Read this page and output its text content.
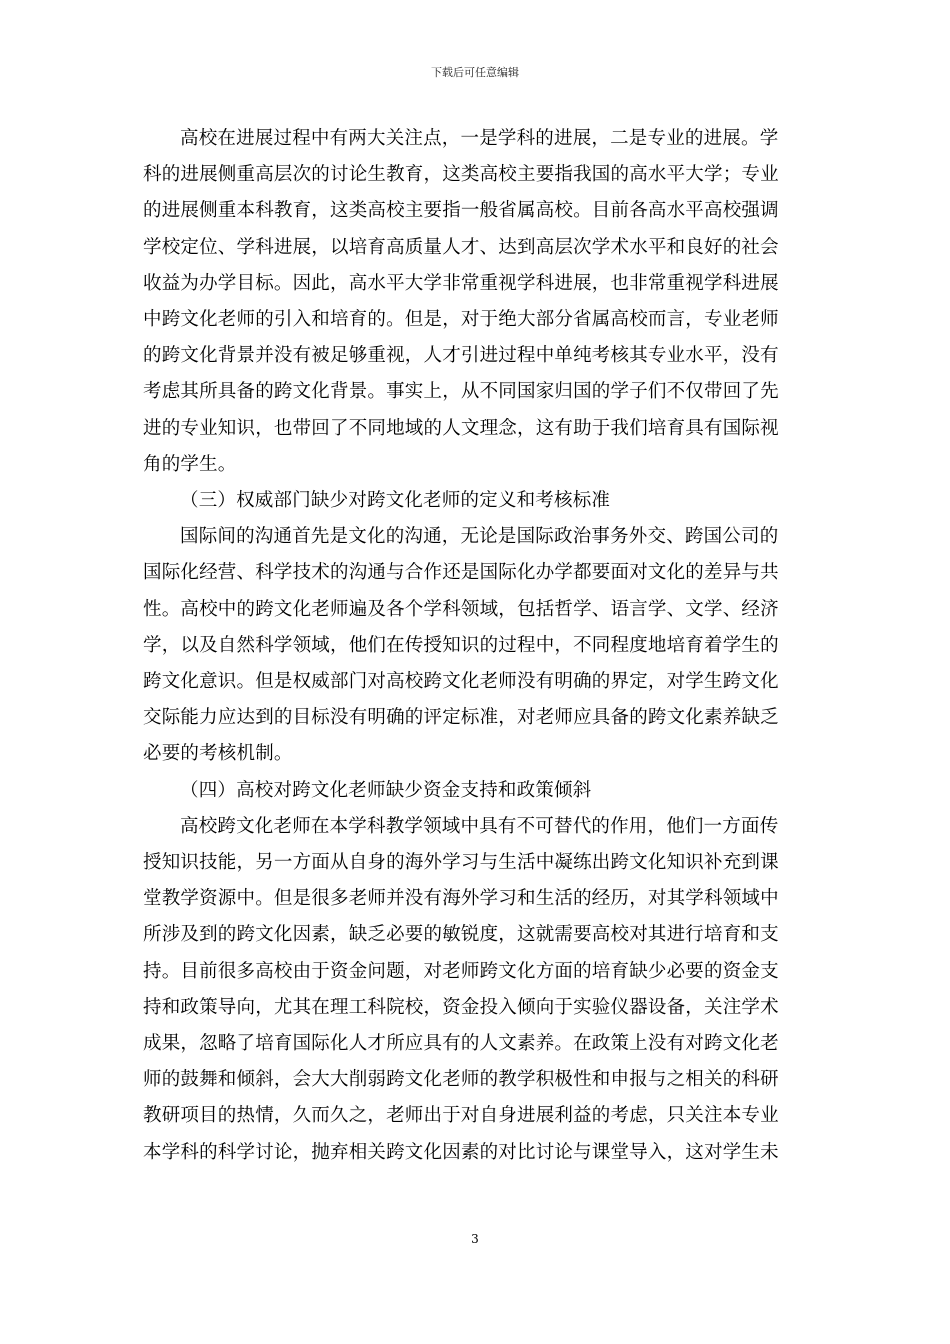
下载后可任意编辑

高校在进展过程中有两大关注点，一是学科的进展，二是专业的进展。学
科的进展侧重高层次的讨论生教育，这类高校主要指我国的高水平大学；专业
的进展侧重本科教育，这类高校主要指一般省属高校。目前各高水平高校强调
学校定位、学科进展，以培育高质量人才、达到高层次学术水平和良好的社会
收益为办学目标。因此，高水平大学非常重视学科进展，也非常重视学科进展
中跨文化老师的引入和培育的。但是，对于绝大部分省属高校而言，专业老师
的跨文化背景并没有被足够重视，人才引进过程中单纯考核其专业水平，没有
考虑其所具备的跨文化背景。事实上，从不同国家归国的学子们不仅带回了先
进的专业知识，也带回了不同地域的人文理念，这有助于我们培育具有国际视
角的学生。

（三）权威部门缺少对跨文化老师的定义和考核标准

国际间的沟通首先是文化的沟通，无论是国际政治事务外交、跨国公司的
国际化经营、科学技术的沟通与合作还是国际化办学都要面对文化的差异与共
性。高校中的跨文化老师遍及各个学科领域，包括哲学、语言学、文学、经济
学，以及自然科学领域，他们在传授知识的过程中，不同程度地培育着学生的
跨文化意识。但是权威部门对高校跨文化老师没有明确的界定，对学生跨文化
交际能力应达到的目标没有明确的评定标准，对老师应具备的跨文化素养缺乏
必要的考核机制。

（四）高校对跨文化老师缺少资金支持和政策倾斜

高校跨文化老师在本学科教学领域中具有不可替代的作用，他们一方面传
授知识技能，另一方面从自身的海外学习与生活中凝练出跨文化知识补充到课
堂教学资源中。但是很多老师并没有海外学习和生活的经历，对其学科领域中
所涉及到的跨文化因素，缺乏必要的敏锐度，这就需要高校对其进行培育和支
持。目前很多高校由于资金问题，对老师跨文化方面的培育缺少必要的资金支
持和政策导向，尤其在理工科院校，资金投入倾向于实验仪器设备，关注学术
成果，忽略了培育国际化人才所应具有的人文素养。在政策上没有对跨文化老
师的鼓舞和倾斜，会大大削弱跨文化老师的教学积极性和申报与之相关的科研
教研项目的热情，久而久之，老师出于对自身进展利益的考虑，只关注本专业
本学科的科学讨论，抛弃相关跨文化因素的对比讨论与课堂导入，这对学生未

3
